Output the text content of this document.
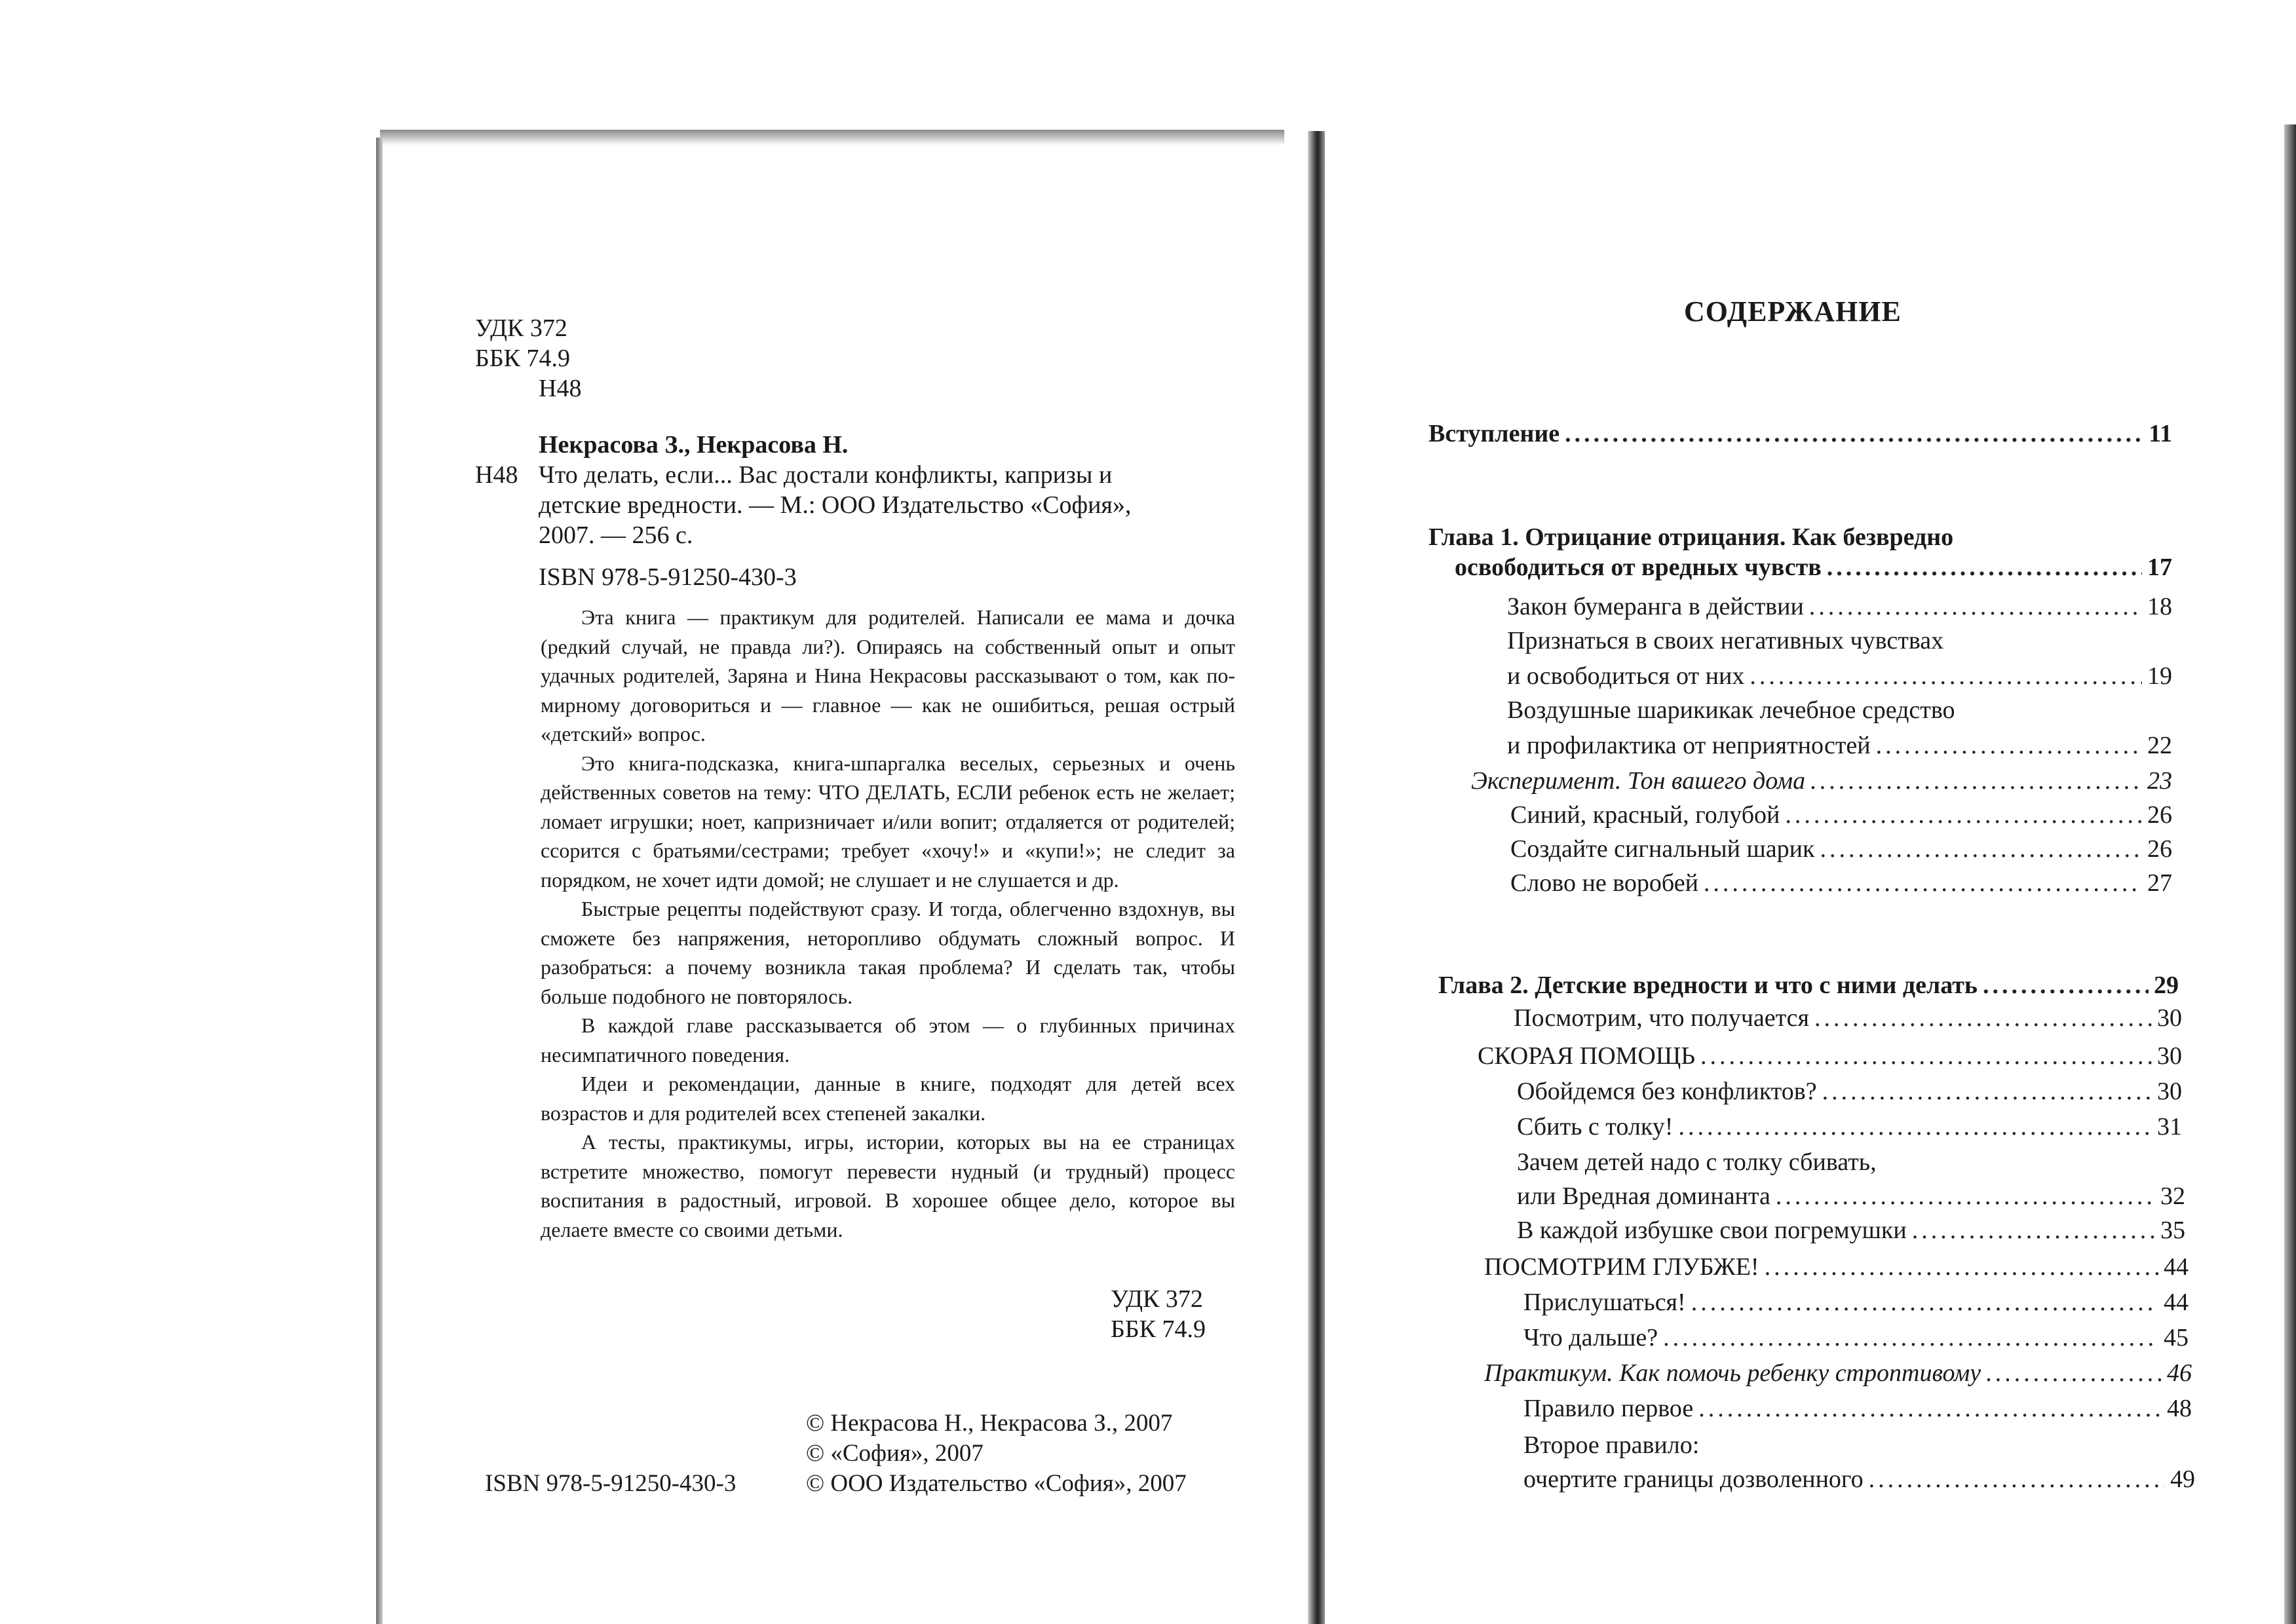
УДК 372
ББК 74.9
Н48
Некрасова З., Некрасова Н.
Н48 Что делать, если... Вас достали конфликты, капризы и
детские вредности. — М.: ООО Издательство «София»,
2007. — 256 с.
ISBN 978-5-91250-430-3

Эта книга — практикум для родителей. Написали ее мама и дочка (редкий случай, не правда ли?). Опираясь на собственный опыт и опыт удачных родителей, Заряна и Нина Некрасовы рассказывают о том, как по-мирному договориться и — главное — как не ошибиться, решая острый «детский» вопрос.

Это книга-подсказка, книга-шпаргалка веселых, серьезных и очень действенных советов на тему: ЧТО ДЕЛАТЬ, ЕСЛИ ребенок есть не желает; ломает игрушки; ноет, капризничает и/или вопит; отдаляется от родителей; ссорится с братьями/сестрами; требует «хочу!» и «купи!»; не следит за порядком, не хочет идти домой; не слушает и не слушается и др.

Быстрые рецепты подействуют сразу. И тогда, облегченно вздохнув, вы сможете без напряжения, неторопливо обдумать сложный вопрос. И разобраться: а почему возникла такая проблема? И сделать так, чтобы больше подобного не повторялось.

В каждой главе рассказывается об этом — о глубинных причинах несимпатичного поведения.

Идеи и рекомендации, данные в книге, подходят для детей всех возрастов и для родителей всех степеней закалки.

А тесты, практикумы, игры, истории, которых вы на ее страницах встретите множество, помогут перевести нудный (и трудный) процесс воспитания в радостный, игровой. В хорошее общее дело, которое вы делаете вместе со своими детьми.

УДК 372
ББК 74.9
© Некрасова Н., Некрасова З., 2007
© «София», 2007
© ООО Издательство «София», 2007
ISBN 978-5-91250-430-3
СОДЕРЖАНИЕ
Вступление .....	11
Глава 1. Отрицание отрицания. Как безвредно
освободиться от вредных чувств .....	17
Закон бумеранга в действии .....	18
Признаться в своих негативных чувствах
и освободиться от них .....	19
Воздушные шарикикак лечебное средство
и профилактика от неприятностей .....	22
Эксперимент. Тон вашего дома .....	23
Синий, красный, голубой .....	26
Создайте сигнальный шарик .....	26
Слово не воробей .....	27
Глава 2. Детские вредности и что с ними делать .....	29
Посмотрим, что получается .....	30
СКОРАЯ ПОМОЩЬ .....	30
Обойдемся без конфликтов? .....	30
Сбить с толку! .....	31
Зачем детей надо с толку сбивать,
или Вредная доминанта .....	32
В каждой избушке свои погремушки .....	35
ПОСМОТРИМ ГЛУБЖЕ! .....	44
Прислушаться! .....	44
Что дальше? .....	45
Практикум. Как помочь ребенку строптивому .....	46
Правило первое .....	48
Второе правило:
очертите границы дозволенного .....	49
